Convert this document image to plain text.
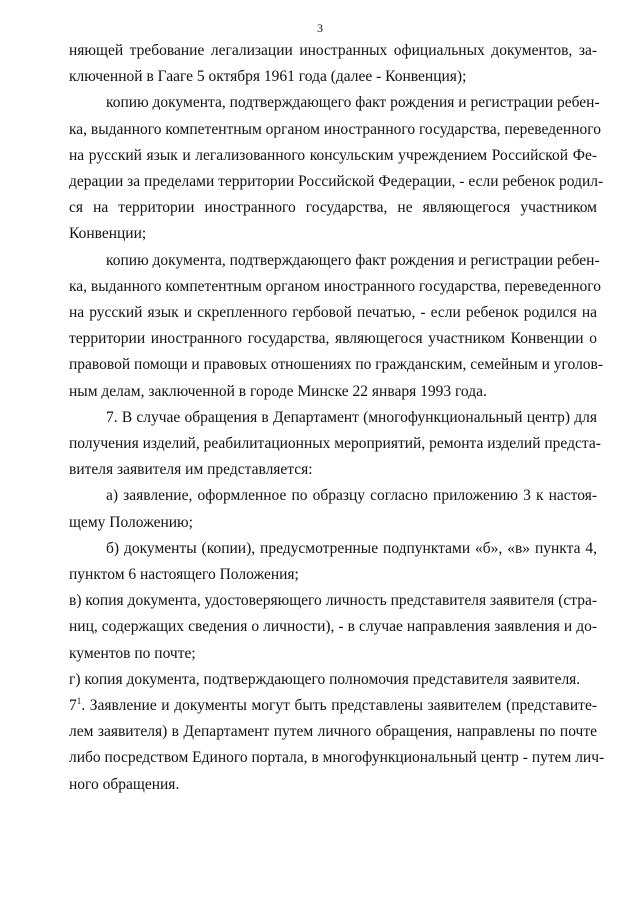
3

няющей требование легализации иностранных официальных документов, за-
ключенной в Гааге 5 октября 1961 года (далее - Конвенция);

копию документа, подтверждающего факт рождения и регистрации ребен-
ка, выданного компетентным органом иностранного государства, переведенного
на русский язык и легализованного консульским учреждением Российской Фе-
дерации за пределами территории Российской Федерации, - если ребенок родил-
ся на территории иностранного государства, не являющегося участником
Конвенции;

копию документа, подтверждающего факт рождения и регистрации ребен-
ка, выданного компетентным органом иностранного государства, переведенного
на русский язык и скрепленного гербовой печатью, - если ребенок родился на
территории иностранного государства, являющегося участником Конвенции о
правовой помощи и правовых отношениях по гражданским, семейным и уголов-
ным делам, заключенной в городе Минске 22 января 1993 года.

7. В случае обращения в Департамент (многофункциональный центр) для
получения изделий, реабилитационных мероприятий, ремонта изделий предста-
вителя заявителя им представляется:

а) заявление, оформленное по образцу согласно приложению 3 к настоя-
щему Положению;

б) документы (копии), предусмотренные подпунктами «б», «в» пункта 4,
пунктом 6 настоящего Положения;

в) копия документа, удостоверяющего личность представителя заявителя (стра-
ниц, содержащих сведения о личности), - в случае направления заявления и до-
кументов по почте;

г) копия документа, подтверждающего полномочия представителя заявителя.

$7^1$. Заявление и документы могут быть представлены заявителем (представите-
лем заявителя) в Департамент путем личного обращения, направлены по почте
либо посредством Единого портала, в многофункциональный центр - путем лич-
ного обращения.
